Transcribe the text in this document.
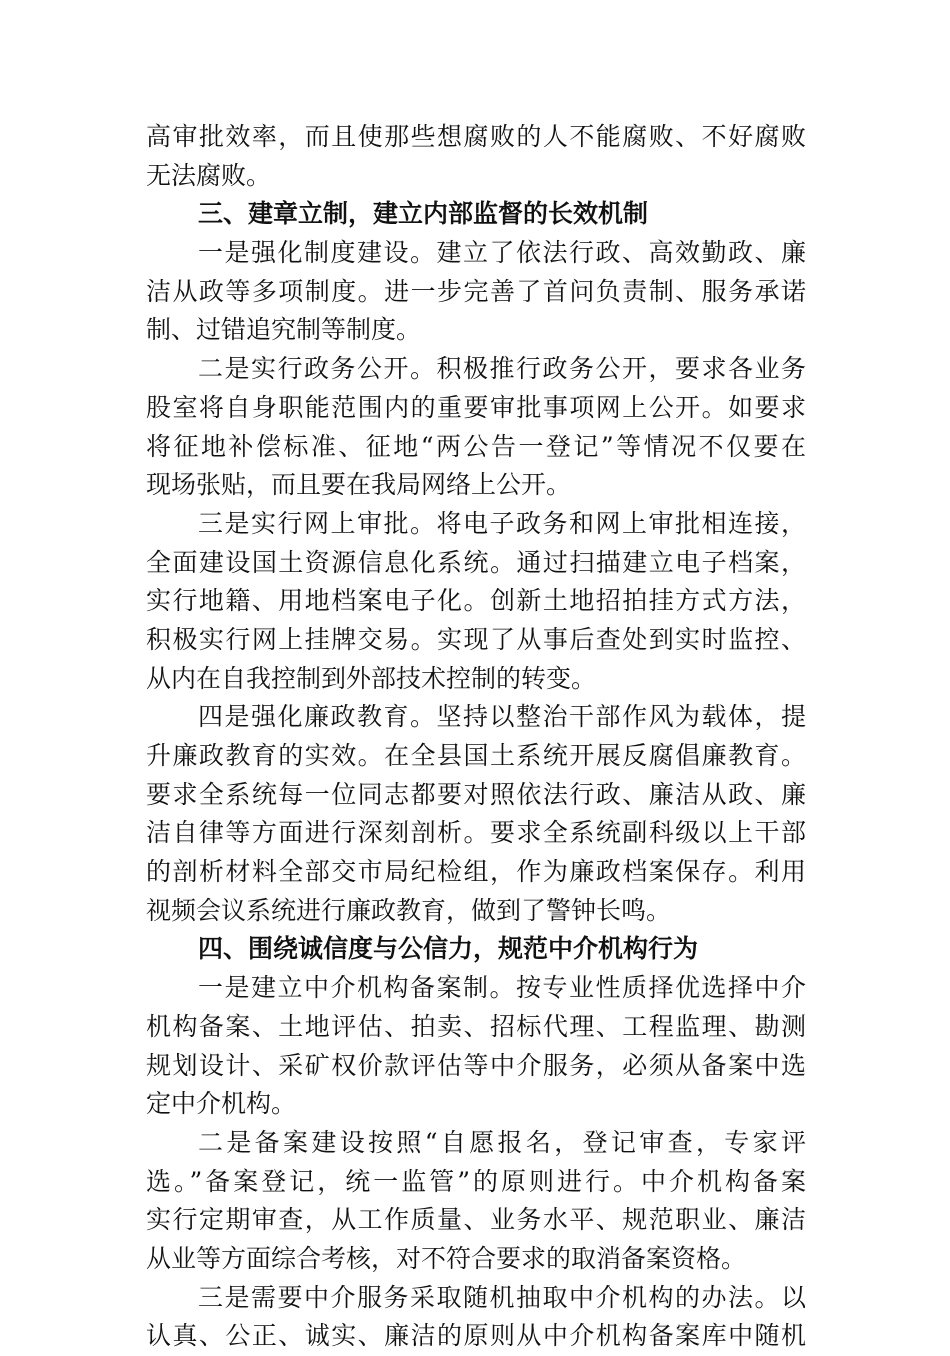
高审批效率，而且使那些想腐败的人不能腐败、不好腐败
无法腐败。
三、建章立制，建立内部监督的长效机制
一是强化制度建设。建立了依法行政、高效勤政、廉
洁从政等多项制度。进一步完善了首问负责制、服务承诺
制、过错追究制等制度。
二是实行政务公开。积极推行政务公开，要求各业务
股室将自身职能范围内的重要审批事项网上公开。如要求
将征地补偿标准、征地“两公告一登记”等情况不仅要在
现场张贴，而且要在我局网络上公开。
三是实行网上审批。将电子政务和网上审批相连接，
全面建设国土资源信息化系统。通过扫描建立电子档案，
实行地籍、用地档案电子化。创新土地招拍挂方式方法，
积极实行网上挂牌交易。实现了从事后查处到实时监控、
从内在自我控制到外部技术控制的转变。
四是强化廉政教育。坚持以整治干部作风为载体，提
升廉政教育的实效。在全县国土系统开展反腐倡廉教育。
要求全系统每一位同志都要对照依法行政、廉洁从政、廉
洁自律等方面进行深刻剖析。要求全系统副科级以上干部
的剖析材料全部交市局纪检组，作为廉政档案保存。利用
视频会议系统进行廉政教育，做到了警钟长鸣。
四、围绕诚信度与公信力，规范中介机构行为
一是建立中介机构备案制。按专业性质择优选择中介
机构备案、土地评估、拍卖、招标代理、工程监理、勘测
规划设计、采矿权价款评估等中介服务，必须从备案中选
定中介机构。
二是备案建设按照“自愿报名，登记审查，专家评
选。”备案登记，统一监管”的原则进行。中介机构备案
实行定期审查，从工作质量、业务水平、规范职业、廉洁
从业等方面综合考核，对不符合要求的取消备案资格。
三是需要中介服务采取随机抽取中介机构的办法。以
认真、公正、诚实、廉洁的原则从中介机构备案库中随机
